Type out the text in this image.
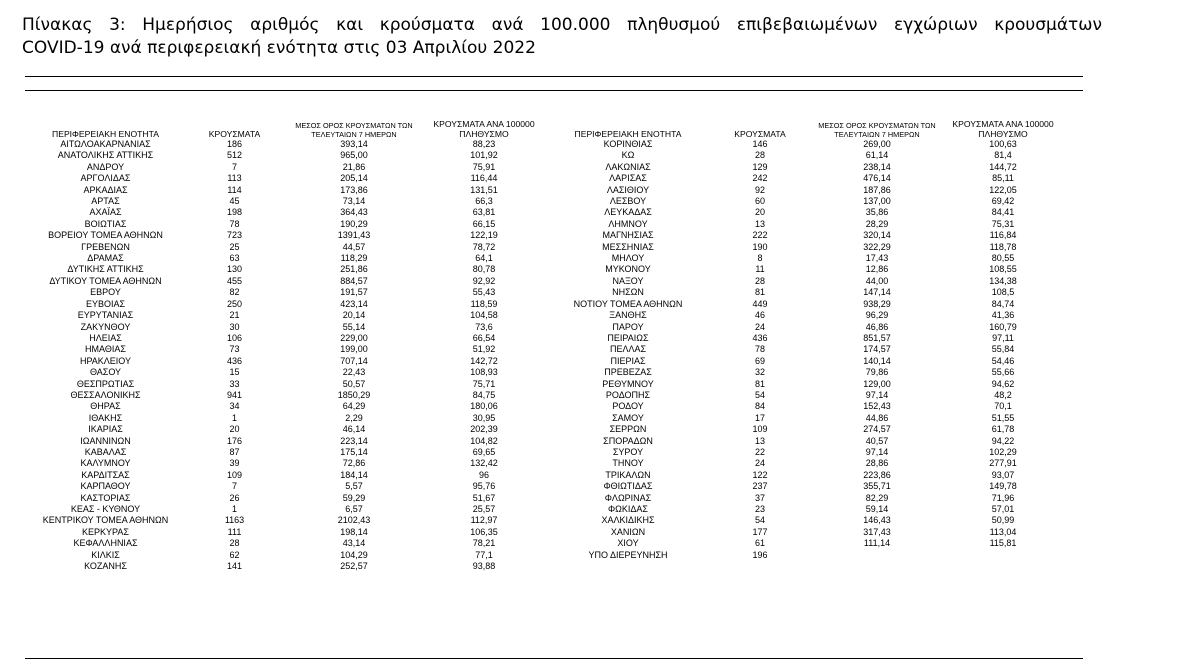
Πίνακας 3: Ημερήσιος αριθμός και κρούσματα ανά 100.000 πληθυσμού επιβεβαιωμένων εγχώριων κρουσμάτων
COVID-19 ανά περιφερειακή ενότητα στις 03 Απριλίου 2022
ΠΕΡΙΦΕΡΕΙΑΚΗ ΕΝΟΤΗΤΑ	ΚΡΟΥΣΜΑΤΑ	ΜΕΣΟΣ ΟΡΟΣ ΚΡΟΥΣΜΑΤΩΝ ΤΩΝ ΤΕΛΕΥΤΑΙΩΝ 7 ΗΜΕΡΩΝ	ΚΡΟΥΣΜΑΤΑ ΑΝΑ 100000 ΠΛΗΘΥΣΜΟ
ΑΙΤΩΛΟΑΚΑΡΝΑΝΙΑΣ	186	393,14	88,23
ΑΝΑΤΟΛΙΚΗΣ ΑΤΤΙΚΗΣ	512	965,00	101,92
ΑΝΔΡΟΥ	7	21,86	75,91
ΑΡΓΟΛΙΔΑΣ	113	205,14	116,44
ΑΡΚΑΔΙΑΣ	114	173,86	131,51
ΑΡΤΑΣ	45	73,14	66,3
ΑΧΑΪΑΣ	198	364,43	63,81
ΒΟΙΩΤΙΑΣ	78	190,29	66,15
ΒΟΡΕΙΟΥ ΤΟΜΕΑ ΑΘΗΝΩΝ	723	1391,43	122,19
ΓΡΕΒΕΝΩΝ	25	44,57	78,72
ΔΡΑΜΑΣ	63	118,29	64,1
ΔΥΤΙΚΗΣ ΑΤΤΙΚΗΣ	130	251,86	80,78
ΔΥΤΙΚΟΥ ΤΟΜΕΑ ΑΘΗΝΩΝ	455	884,57	92,92
ΕΒΡΟΥ	82	191,57	55,43
ΕΥΒΟΙΑΣ	250	423,14	118,59
ΕΥΡΥΤΑΝΙΑΣ	21	20,14	104,58
ΖΑΚΥΝΘΟΥ	30	55,14	73,6
ΗΛΕΙΑΣ	106	229,00	66,54
ΗΜΑΘΙΑΣ	73	199,00	51,92
ΗΡΑΚΛΕΙΟΥ	436	707,14	142,72
ΘΑΣΟΥ	15	22,43	108,93
ΘΕΣΠΡΩΤΙΑΣ	33	50,57	75,71
ΘΕΣΣΑΛΟΝΙΚΗΣ	941	1850,29	84,75
ΘΗΡΑΣ	34	64,29	180,06
ΙΘΑΚΗΣ	1	2,29	30,95
ΙΚΑΡΙΑΣ	20	46,14	202,39
ΙΩΑΝΝΙΝΩΝ	176	223,14	104,82
ΚΑΒΑΛΑΣ	87	175,14	69,65
ΚΑΛΥΜΝΟΥ	39	72,86	132,42
ΚΑΡΔΙΤΣΑΣ	109	184,14	96
ΚΑΡΠΑΘΟΥ	7	5,57	95,76
ΚΑΣΤΟΡΙΑΣ	26	59,29	51,67
ΚΕΑΣ - ΚΥΘΝΟΥ	1	6,57	25,57
ΚΕΝΤΡΙΚΟΥ ΤΟΜΕΑ ΑΘΗΝΩΝ	1163	2102,43	112,97
ΚΕΡΚΥΡΑΣ	111	198,14	106,35
ΚΕΦΑΛΛΗΝΙΑΣ	28	43,14	78,21
ΚΙΛΚΙΣ	62	104,29	77,1
ΚΟΖΑΝΗΣ	141	252,57	93,88
ΠΕΡΙΦΕΡΕΙΑΚΗ ΕΝΟΤΗΤΑ	ΚΡΟΥΣΜΑΤΑ	ΜΕΣΟΣ ΟΡΟΣ ΚΡΟΥΣΜΑΤΩΝ ΤΩΝ ΤΕΛΕΥΤΑΙΩΝ 7 ΗΜΕΡΩΝ	ΚΡΟΥΣΜΑΤΑ ΑΝΑ 100000 ΠΛΗΘΥΣΜΟ
ΚΟΡΙΝΘΙΑΣ	146	269,00	100,63
ΚΩ	28	61,14	81,4
ΛΑΚΩΝΙΑΣ	129	238,14	144,72
ΛΑΡΙΣΑΣ	242	476,14	85,11
ΛΑΣΙΘΙΟΥ	92	187,86	122,05
ΛΕΣΒΟΥ	60	137,00	69,42
ΛΕΥΚΑΔΑΣ	20	35,86	84,41
ΛΗΜΝΟΥ	13	28,29	75,31
ΜΑΓΝΗΣΙΑΣ	222	320,14	116,84
ΜΕΣΣΗΝΙΑΣ	190	322,29	118,78
ΜΗΛΟΥ	8	17,43	80,55
ΜΥΚΟΝΟΥ	11	12,86	108,55
ΝΑΞΟΥ	28	44,00	134,38
ΝΗΣΩΝ	81	147,14	108,5
ΝΟΤΙΟΥ ΤΟΜΕΑ ΑΘΗΝΩΝ	449	938,29	84,74
ΞΑΝΘΗΣ	46	96,29	41,36
ΠΑΡΟΥ	24	46,86	160,79
ΠΕΙΡΑΙΩΣ	436	851,57	97,11
ΠΕΛΛΑΣ	78	174,57	55,84
ΠΙΕΡΙΑΣ	69	140,14	54,46
ΠΡΕΒΕΖΑΣ	32	79,86	55,66
ΡΕΘΥΜΝΟΥ	81	129,00	94,62
ΡΟΔΟΠΗΣ	54	97,14	48,2
ΡΟΔΟΥ	84	152,43	70,1
ΣΑΜΟΥ	17	44,86	51,55
ΣΕΡΡΩΝ	109	274,57	61,78
ΣΠΟΡΑΔΩΝ	13	40,57	94,22
ΣΥΡΟΥ	22	97,14	102,29
ΤΗΝΟΥ	24	28,86	277,91
ΤΡΙΚΑΛΩΝ	122	223,86	93,07
ΦΘΙΩΤΙΔΑΣ	237	355,71	149,78
ΦΛΩΡΙΝΑΣ	37	82,29	71,96
ΦΩΚΙΔΑΣ	23	59,14	57,01
ΧΑΛΚΙΔΙΚΗΣ	54	146,43	50,99
ΧΑΝΙΩΝ	177	317,43	113,04
ΧΙΟΥ	61	111,14	115,81
ΥΠΟ ΔΙΕΡΕΥΝΗΣΗ	196		
